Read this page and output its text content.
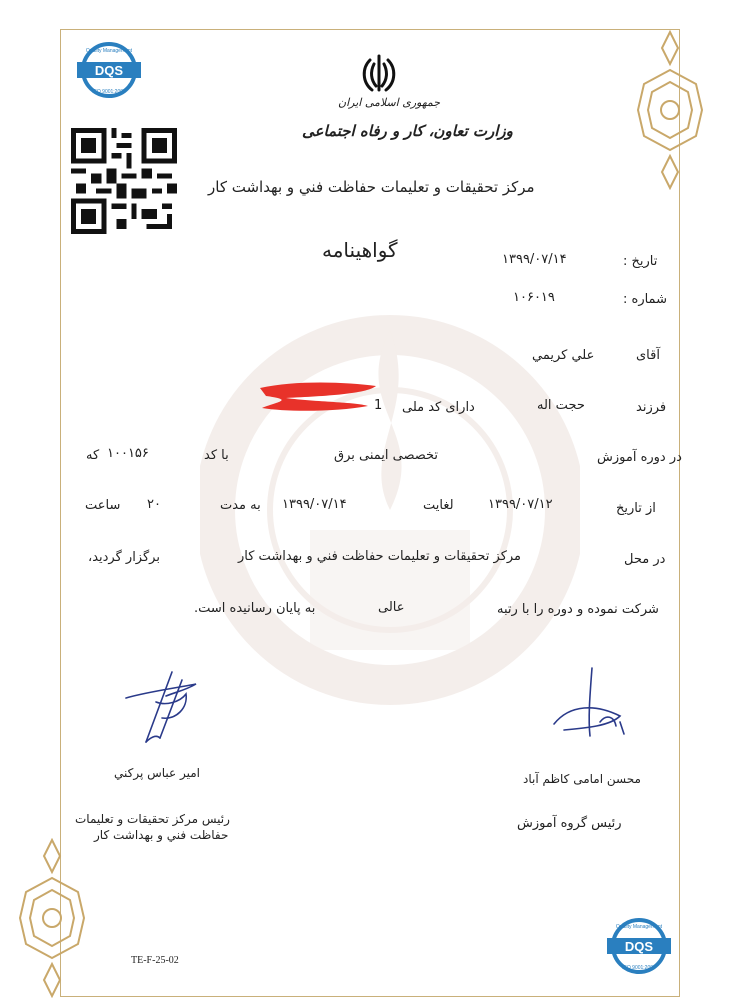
DQS
Quality Management
ISO 9001:2008
DQS
Quality Management
ISO 9001:2008
جمهوری اسلامی ایران
وزارت تعاون، کار و رفاه اجتماعی
مرکز تحقیقات و تعلیمات حفاظت فني و بهداشت کار
گواهينامه	تاریخ :
۱۳۹۹/۰۷/۱۴
شماره :
۱۰۶۰۱۹
آقای
علي کریمي
فرزند
حجت اله
دارای کد ملی
1
در دوره آموزش
تخصصی ایمنی برق
با کد
۱۰۰۱۵۶
که
از تاریخ
۱۳۹۹/۰۷/۱۲
لغایت
۱۳۹۹/۰۷/۱۴
به مدت
۲۰
ساعت
در محل
مرکز تحقیقات و تعلیمات حفاظت فني و بهداشت کار
برگزار گردید،
شرکت نموده و دوره را با رتبه
عالی
به پایان رسانیده است.
امير عباس پرکني
رئیس مرکز تحقیقات و تعلیمات
حفاظت فني و بهداشت کار
محسن امامی کاظم آباد
رئيس گروه آموزش
TE-F-25-02
